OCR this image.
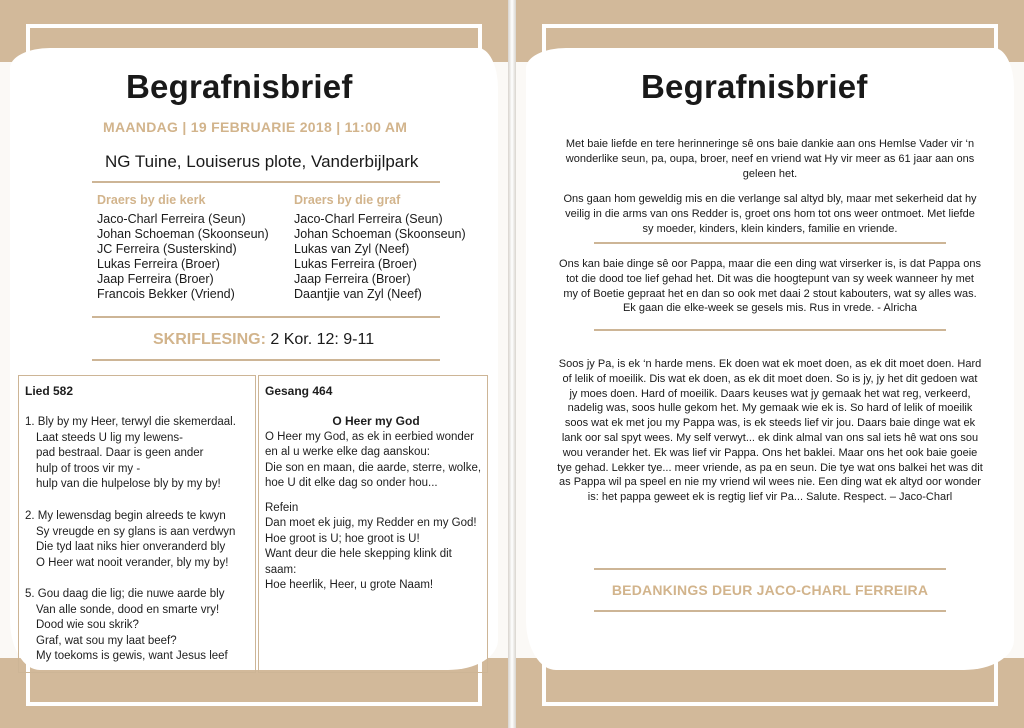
Begrafnisbrief
MAANDAG | 19 FEBRUARIE 2018 | 11:00 AM
NG Tuine, Louiserus plote, Vanderbijlpark
Draers by die kerk
Jaco-Charl Ferreira (Seun)
Johan Schoeman (Skoonseun)
JC Ferreira (Susterskind)
Lukas Ferreira (Broer)
Jaap Ferreira (Broer)
Francois Bekker (Vriend)
Draers by die graf
Jaco-Charl Ferreira (Seun)
Johan Schoeman (Skoonseun)
Lukas van Zyl (Neef)
Lukas Ferreira (Broer)
Jaap Ferreira (Broer)
Daantjie van Zyl (Neef)
SKRIFLESING: 2 Kor. 12: 9-11
Lied 582
1. Bly by my Heer, terwyl die skemerdaal.
Laat steeds U lig my lewens-
pad bestraal. Daar is geen ander
hulp of troos vir my -
hulp van die hulpelose bly by my by!
2. My lewensdag begin alreeds te kwyn
Sy vreugde en sy glans is aan verdwyn
Die tyd laat niks hier onveranderd bly
O Heer wat nooit verander, bly my by!
5. Gou daag die lig; die nuwe aarde bly
Van alle sonde, dood en smarte vry!
Dood wie sou skrik?
Graf, wat sou my laat beef?
My toekoms is gewis, want Jesus leef
Gesang 464
O Heer my God
O Heer my God, as ek in eerbied wonder
en al u werke elke dag aanskou:
Die son en maan, die aarde, sterre, wolke,
hoe U dit elke dag so onder hou...
Refein
Dan moet ek juig, my Redder en my God!
Hoe groot is U; hoe groot is U!
Want deur die hele skepping klink dit
saam:
Hoe heerlik, Heer, u grote Naam!
Begrafnisbrief
Met baie liefde en tere herinneringe sê ons baie dankie aan ons Hemlse Vader vir ‘n
wonderlike seun, pa, oupa, broer, neef en vriend wat Hy vir meer as 61 jaar aan ons
geleen het.
Ons gaan hom geweldig mis en die verlange sal altyd bly, maar met sekerheid dat hy
veilig in die arms van ons Redder is, groet ons hom tot ons weer ontmoet. Met liefde
sy moeder, kinders, klein kinders, familie en vriende.
Ons kan baie dinge sê oor Pappa, maar die een ding wat virserker is, is dat Pappa ons
tot die dood toe lief gehad het. Dit was die hoogtepunt van sy week wanneer hy met
my of Boetie gepraat het en dan so ook met daai 2 stout kabouters, wat sy alles was.
Ek gaan die elke-week se gesels mis. Rus in vrede. - Alricha
Soos jy Pa, is ek ‘n harde mens. Ek doen wat ek moet doen, as ek dit moet doen. Hard
of lelik of moeilik. Dis wat ek doen, as ek dit moet doen. So is jy, jy het dit gedoen wat
jy moes doen. Hard of moeilik. Daars keuses wat jy gemaak het wat reg, verkeerd,
nadelig was, soos hulle gekom het. My gemaak wie ek is. So hard of lelik of moeilik
soos wat ek met jou my Pappa was, is ek steeds lief vir jou. Daars baie dinge wat ek
lank oor sal spyt wees. My self verwyt... ek dink almal van ons sal iets hê wat ons sou
wou verander het. Ek was lief vir Pappa. Ons het baklei. Maar ons het ook baie goeie
tye gehad. Lekker tye... meer vriende, as pa en seun. Die tye wat ons balkei het was dit
as Pappa wil pa speel en nie my vriend wil wees nie. Een ding wat ek altyd oor wonder
is: het pappa geweet ek is regtig lief vir Pa... Salute. Respect. – Jaco-Charl
BEDANKINGS DEUR JACO-CHARL FERREIRA
